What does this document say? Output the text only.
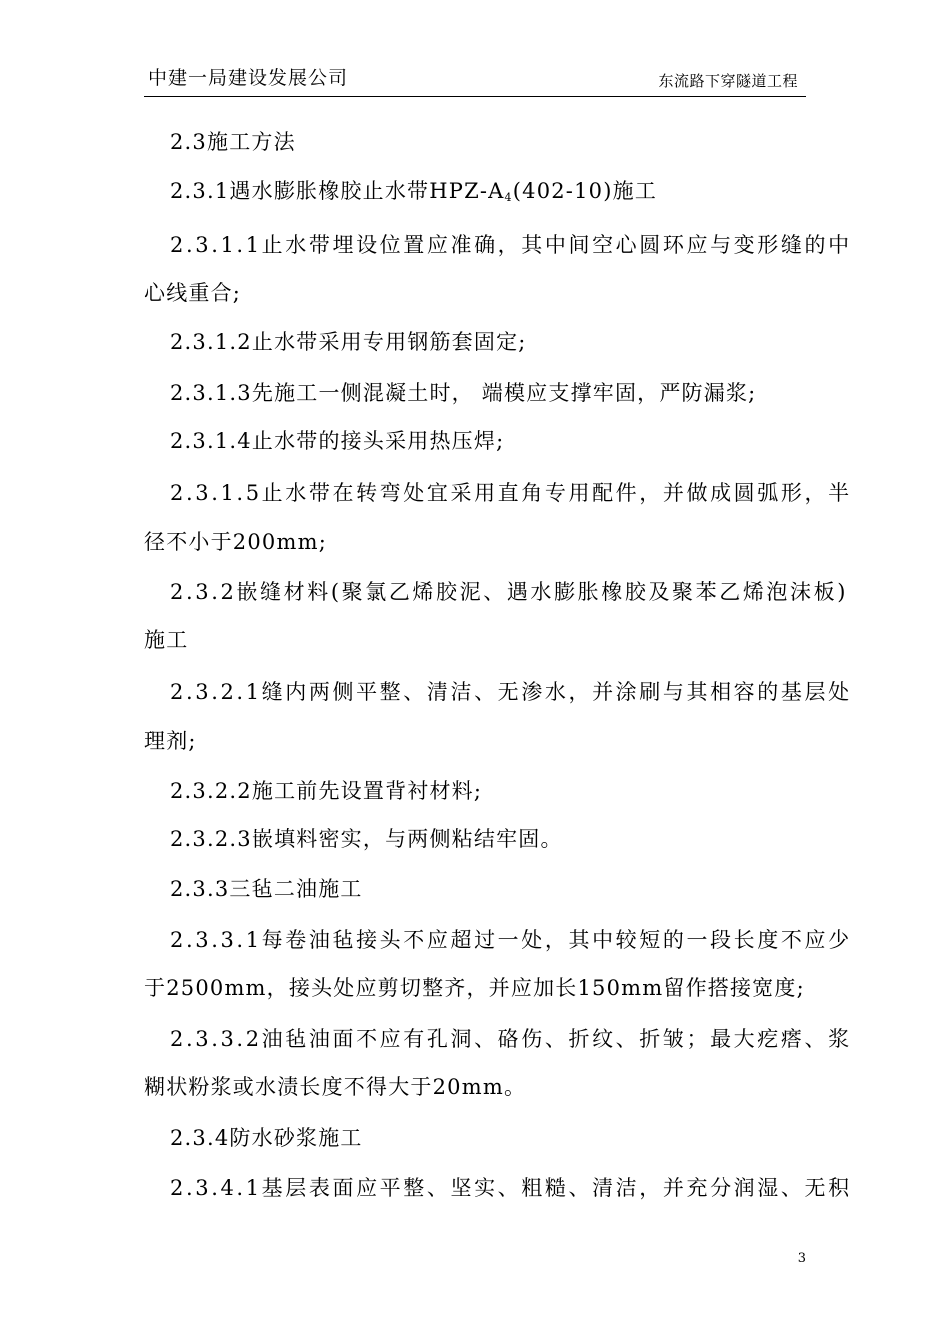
中建一局建设发展公司	东流路下穿隧道工程
2.3施工方法
2.3.1遇水膨胀橡胶止水带HPZ-$A_4(402-10)$施工
2.3.1.1止水带埋设位置应准确，其中间空心圆环应与变形缝的中
心线重合;
2.3.1.2止水带采用专用钢筋套固定;
2.3.1.3先施工一侧混凝土时， 端模应支撑牢固，严防漏浆;
2.3.1.4止水带的接头采用热压焊;
2.3.1.5止水带在转弯处宜采用直角专用配件，并做成圆弧形，半
径不小于200mm;
2.3.2嵌缝材料(聚氯乙烯胶泥、遇水膨胀橡胶及聚苯乙烯泡沫板)
施工
2.3.2.1缝内两侧平整、清洁、无渗水，并涂刷与其相容的基层处
理剂;
2.3.2.2施工前先设置背衬材料;
2.3.2.3嵌填料密实，与两侧粘结牢固。
2.3.3三毡二油施工
2.3.3.1每卷油毡接头不应超过一处，其中较短的一段长度不应少
于2500mm，接头处应剪切整齐，并应加长150mm留作搭接宽度;
2.3.3.2油毡油面不应有孔洞、硌伤、折纹、折皱；最大疙瘩、浆
糊状粉浆或水渍长度不得大于20mm。
2.3.4防水砂浆施工
2.3.4.1基层表面应平整、坚实、粗糙、清洁，并充分润湿、无积
3
